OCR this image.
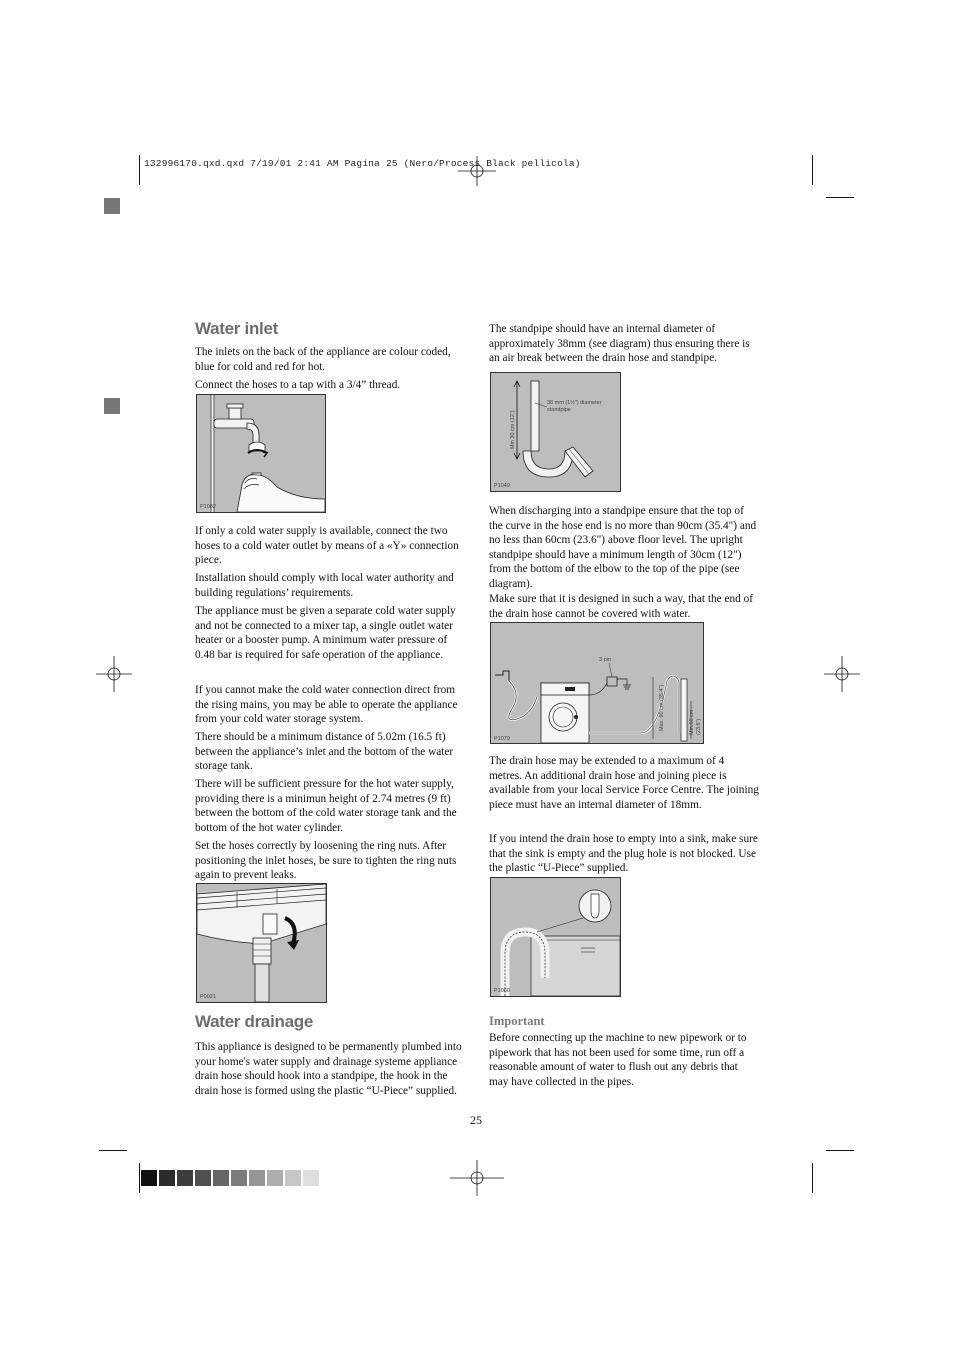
132996170.qxd.qxd 7/19/01 2:41 AM Pagina 25 (Nero/Process Black pellicola)
Water inlet

The inlets on the back of the appliance are colour coded, blue for cold and red for hot.

Connect the hoses to a tap with a 3/4” thread.

P1082

If only a cold water supply is available, connect the two hoses to a cold water outlet by means of a «Y» connection piece.

Installation should comply with local water authority and building regulations’ requirements.

The appliance must be given a separate cold water supply and not be connected to a mixer tap, a single outlet water heater or a booster pump. A minimum water pressure of 0.48 bar is required for safe operation of the appliance.

If you cannot make the cold water connection direct from the rising mains, you may be able to operate the appliance from your cold water storage system.

There should be a minimum distance of 5.02m (16.5 ft) between the appliance’s inlet and the bottom of the water storage tank.

There will be sufficient pressure for the hot water supply, providing there is a minimun height of 2.74 metres (9 ft) between the bottom of the cold water storage tank and the bottom of the hot water cylinder.

Set the hoses correctly by loosening the ring nuts. After positioning the inlet hoses, be sure to tighten the ring nuts again to prevent leaks.

P0021
Water drainage

This appliance is designed to be permanently plumbed into your home's water supply and drainage systeme appliance drain hose should hook into a standpipe, the hook in the drain hose is formed using the plastic “U-Piece” supplied.

The standpipe should have an internal diameter of approximately 38mm (see diagram) thus ensuring there is an air break between the drain hose and standpipe.

Min 30 cm (12")
38 mm (1½") diameter
standpipe
P1049

When discharging into a standpipe ensure that the top of the curve in the hose end is no more than 90cm (35.4") and no less than 60cm (23.6") above floor level. The upright standpipe should have a minimum length of 30cm (12") from the bottom of the elbow to the top of the pipe (see diagram).

Make sure that it is designed in such a way, that the end of the drain hose cannot be covered with water.

3 pin
Max. 90 cm (35.4")	Min.60 cm (23.6")
P1079

The drain hose may be extended to a maximum of 4 metres. An additional drain hose and joining piece is available from your local Service Force Centre. The joining piece must have an internal diameter of 18mm.

If you intend the drain hose to empty into a sink, make sure that the sink is empty and the plug hole is not blocked. Use the plastic “U-Piece” supplied.

P1080
Important

Before connecting up the machine to new pipework or to pipework that has not been used for some time, run off a reasonable amount of water to flush out any debris that may have collected in the pipes.

25
